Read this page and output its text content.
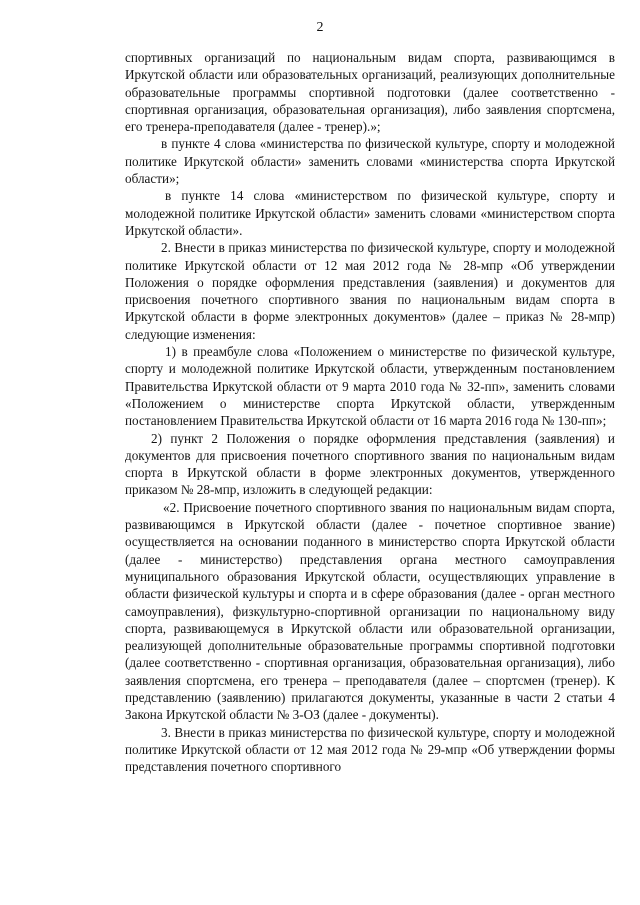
2

спортивных организаций по национальным видам спорта, развивающимся в Иркутской области или образовательных организаций, реализующих дополнительные образовательные программы спортивной подготовки (далее соответственно - спортивная организация, образовательная организация), либо заявления спортсмена, его тренера-преподавателя (далее - тренер).»;

в пункте 4 слова «министерства по физической культуре, спорту и молодежной политике Иркутской области» заменить словами «министерства спорта Иркутской области»;

в пункте 14 слова «министерством по физической культуре, спорту и молодежной политике Иркутской области» заменить словами «министерством спорта Иркутской области».

2. Внести в приказ министерства по физической культуре, спорту и молодежной политике Иркутской области от 12 мая 2012 года № 28-мпр «Об утверждении Положения о порядке оформления представления (заявления) и документов для присвоения почетного спортивного звания по национальным видам спорта в Иркутской области в форме электронных документов» (далее – приказ № 28-мпр) следующие изменения:

1) в преамбуле слова «Положением о министерстве по физической культуре, спорту и молодежной политике Иркутской области, утвержденным постановлением Правительства Иркутской области от 9 марта 2010 года № 32-пп», заменить словами «Положением о министерстве спорта Иркутской области, утвержденным постановлением Правительства Иркутской области от 16 марта 2016 года № 130-пп»;

2) пункт 2 Положения о порядке оформления представления (заявления) и документов для присвоения почетного спортивного звания по национальным видам спорта в Иркутской области в форме электронных документов, утвержденного приказом № 28-мпр, изложить в следующей редакции:

«2. Присвоение почетного спортивного звания по национальным видам спорта, развивающимся в Иркутской области (далее - почетное спортивное звание) осуществляется на основании поданного в министерство спорта Иркутской области (далее - министерство) представления органа местного самоуправления муниципального образования Иркутской области, осуществляющих управление в области физической культуры и спорта и в сфере образования (далее - орган местного самоуправления), физкультурно-спортивной организации по национальному виду спорта, развивающемуся в Иркутской области или образовательной организации, реализующей дополнительные образовательные программы спортивной подготовки (далее соответственно - спортивная организация, образовательная организация), либо заявления спортсмена, его тренера – преподавателя (далее – спортсмен (тренер). К представлению (заявлению) прилагаются документы, указанные в части 2 статьи 4 Закона Иркутской области № 3-ОЗ (далее - документы).

3. Внести в приказ министерства по физической культуре, спорту и молодежной политике Иркутской области от 12 мая 2012 года № 29-мпр «Об утверждении формы представления почетного спортивного
